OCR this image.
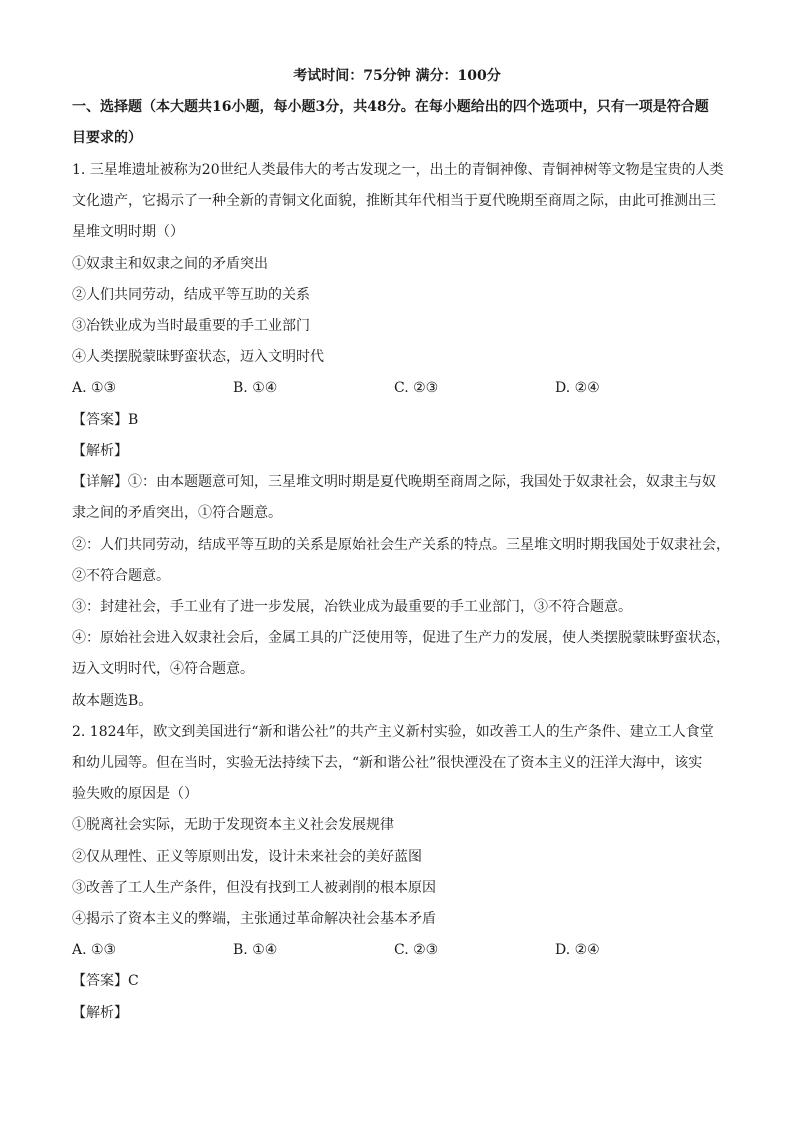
考试时间：75分钟 满分：100分
一、选择题（本大题共16小题，每小题3分，共48分。在每小题给出的四个选项中，只有一项是符合题
目要求的）
1. 三星堆遗址被称为20世纪人类最伟大的考古发现之一，出土的青铜神像、青铜神树等文物是宝贵的人类
文化遗产，它揭示了一种全新的青铜文化面貌，推断其年代相当于夏代晚期至商周之际，由此可推测出三
星堆文明时期（）
①奴隶主和奴隶之间的矛盾突出
②人们共同劳动，结成平等互助的关系
③冶铁业成为当时最重要的手工业部门
④人类摆脱蒙昧野蛮状态，迈入文明时代
A. ①③	B. ①④	C. ②③	D. ②④
【答案】B
【解析】
【详解】①：由本题题意可知，三星堆文明时期是夏代晚期至商周之际，我国处于奴隶社会，奴隶主与奴
隶之间的矛盾突出，①符合题意。
②：人们共同劳动，结成平等互助的关系是原始社会生产关系的特点。三星堆文明时期我国处于奴隶社会，
②不符合题意。
③：封建社会，手工业有了进一步发展，冶铁业成为最重要的手工业部门，③不符合题意。
④：原始社会进入奴隶社会后，金属工具的广泛使用等，促进了生产力的发展，使人类摆脱蒙昧野蛮状态，
迈入文明时代，④符合题意。
故本题选B。
2. 1824年，欧文到美国进行“新和谐公社”的共产主义新村实验，如改善工人的生产条件、建立工人食堂
和幼儿园等。但在当时，实验无法持续下去，“新和谐公社”很快湮没在了资本主义的汪洋大海中，该实
验失败的原因是（）
①脱离社会实际，无助于发现资本主义社会发展规律
②仅从理性、正义等原则出发，设计未来社会的美好蓝图
③改善了工人生产条件，但没有找到工人被剥削的根本原因
④揭示了资本主义的弊端，主张通过革命解决社会基本矛盾
A. ①③	B. ①④	C. ②③	D. ②④
【答案】C
【解析】
